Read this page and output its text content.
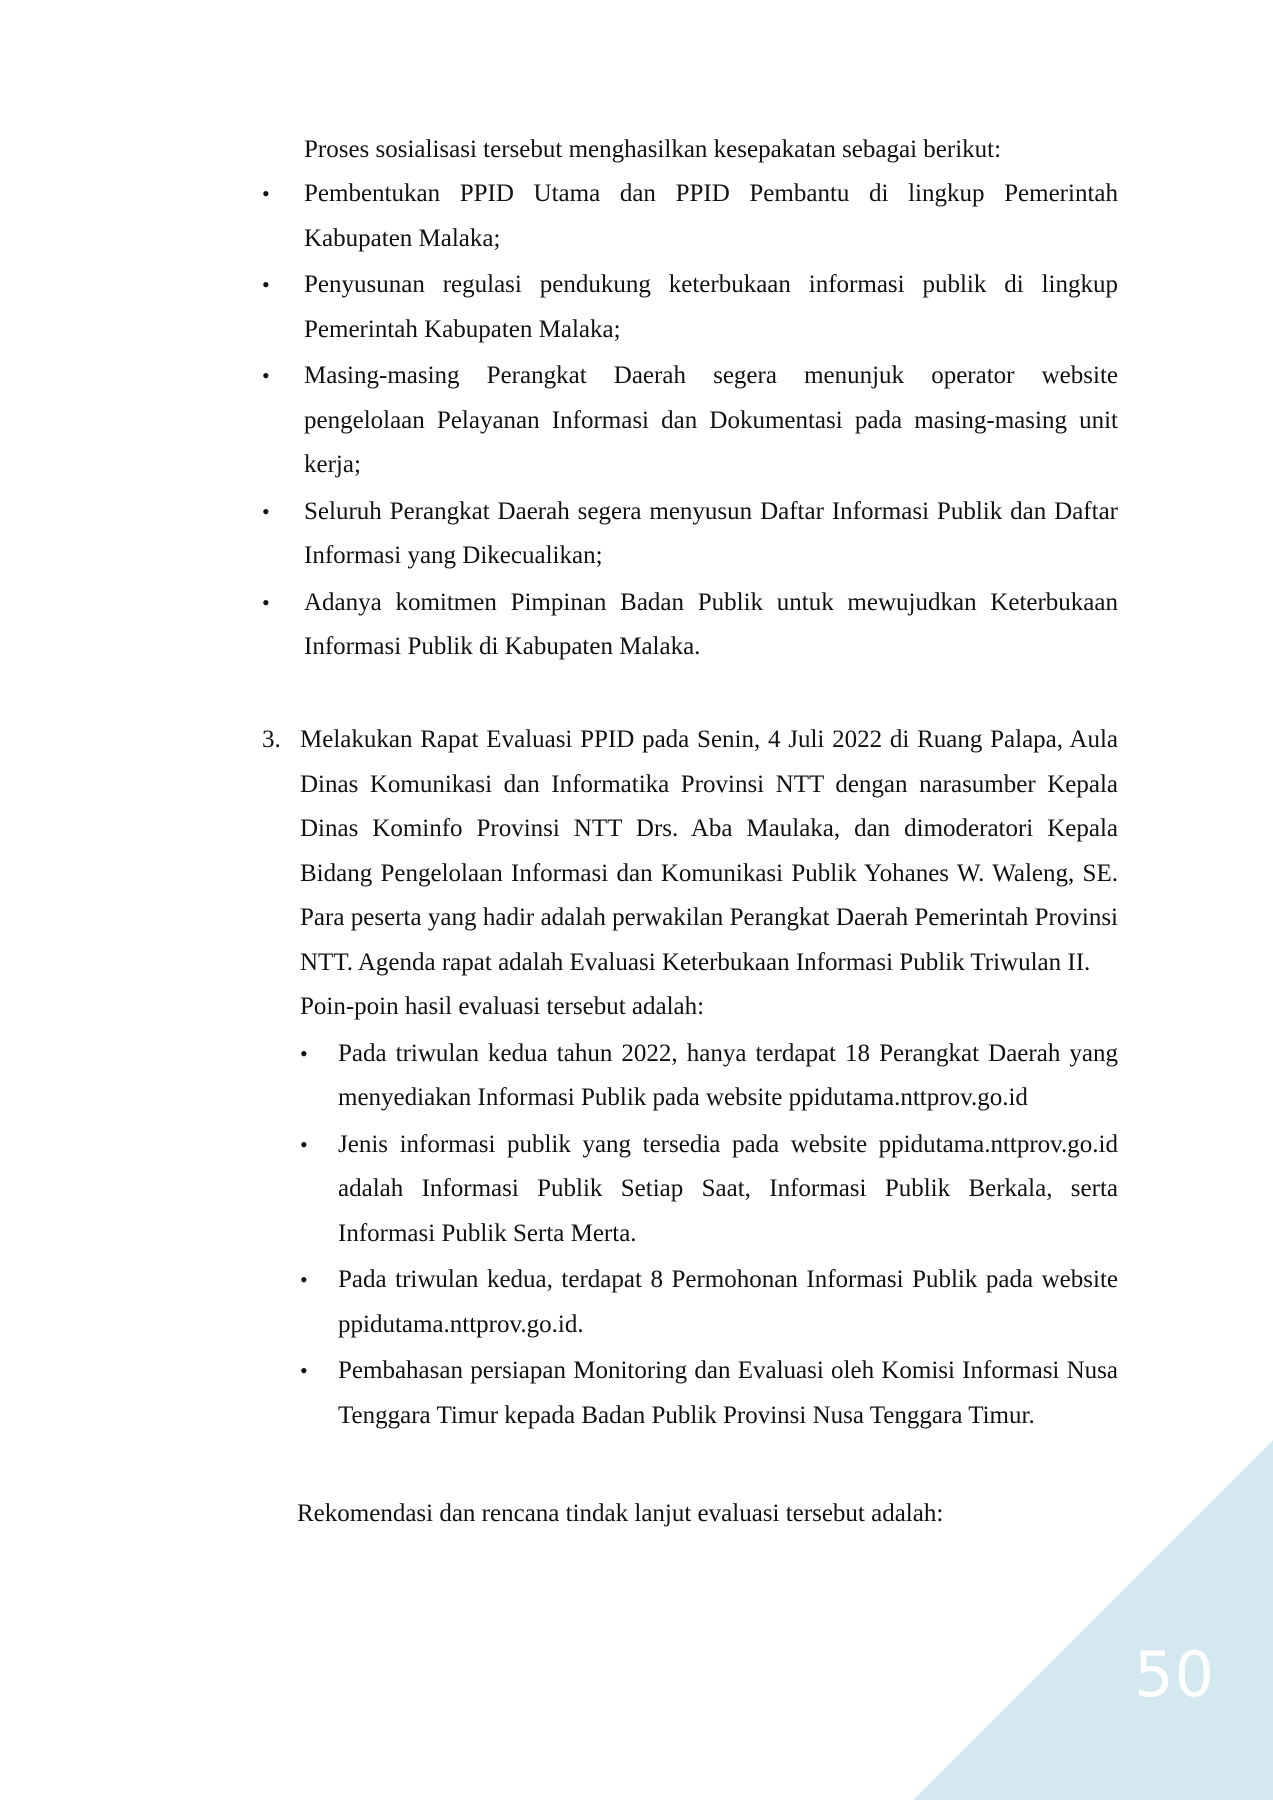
50
Proses sosialisasi tersebut menghasilkan kesepakatan sebagai berikut:
• Pembentukan PPID Utama dan PPID Pembantu di lingkup Pemerintah Kabupaten Malaka;
• Penyusunan regulasi pendukung keterbukaan informasi publik di lingkup Pemerintah Kabupaten Malaka;
• Masing-masing Perangkat Daerah segera menunjuk operator website pengelolaan Pelayanan Informasi dan Dokumentasi pada masing-masing unit kerja;
• Seluruh Perangkat Daerah segera menyusun Daftar Informasi Publik dan Daftar Informasi yang Dikecualikan;
• Adanya komitmen Pimpinan Badan Publik untuk mewujudkan Keterbukaan Informasi Publik di Kabupaten Malaka.
3. Melakukan Rapat Evaluasi PPID pada Senin, 4 Juli 2022 di Ruang Palapa, Aula Dinas Komunikasi dan Informatika Provinsi NTT dengan narasumber Kepala Dinas Kominfo Provinsi NTT Drs. Aba Maulaka, dan dimoderatori Kepala Bidang Pengelolaan Informasi dan Komunikasi Publik Yohanes W. Waleng, SE. Para peserta yang hadir adalah perwakilan Perangkat Daerah Pemerintah Provinsi NTT. Agenda rapat adalah Evaluasi Keterbukaan Informasi Publik Triwulan II.
Poin-poin hasil evaluasi tersebut adalah:
• Pada triwulan kedua tahun 2022, hanya terdapat 18 Perangkat Daerah yang menyediakan Informasi Publik pada website ppidutama.nttprov.go.id
• Jenis informasi publik yang tersedia pada website ppidutama.nttprov.go.id adalah Informasi Publik Setiap Saat, Informasi Publik Berkala, serta Informasi Publik Serta Merta.
• Pada triwulan kedua, terdapat 8 Permohonan Informasi Publik pada website ppidutama.nttprov.go.id.
• Pembahasan persiapan Monitoring dan Evaluasi oleh Komisi Informasi Nusa Tenggara Timur kepada Badan Publik Provinsi Nusa Tenggara Timur.
Rekomendasi dan rencana tindak lanjut evaluasi tersebut adalah:
